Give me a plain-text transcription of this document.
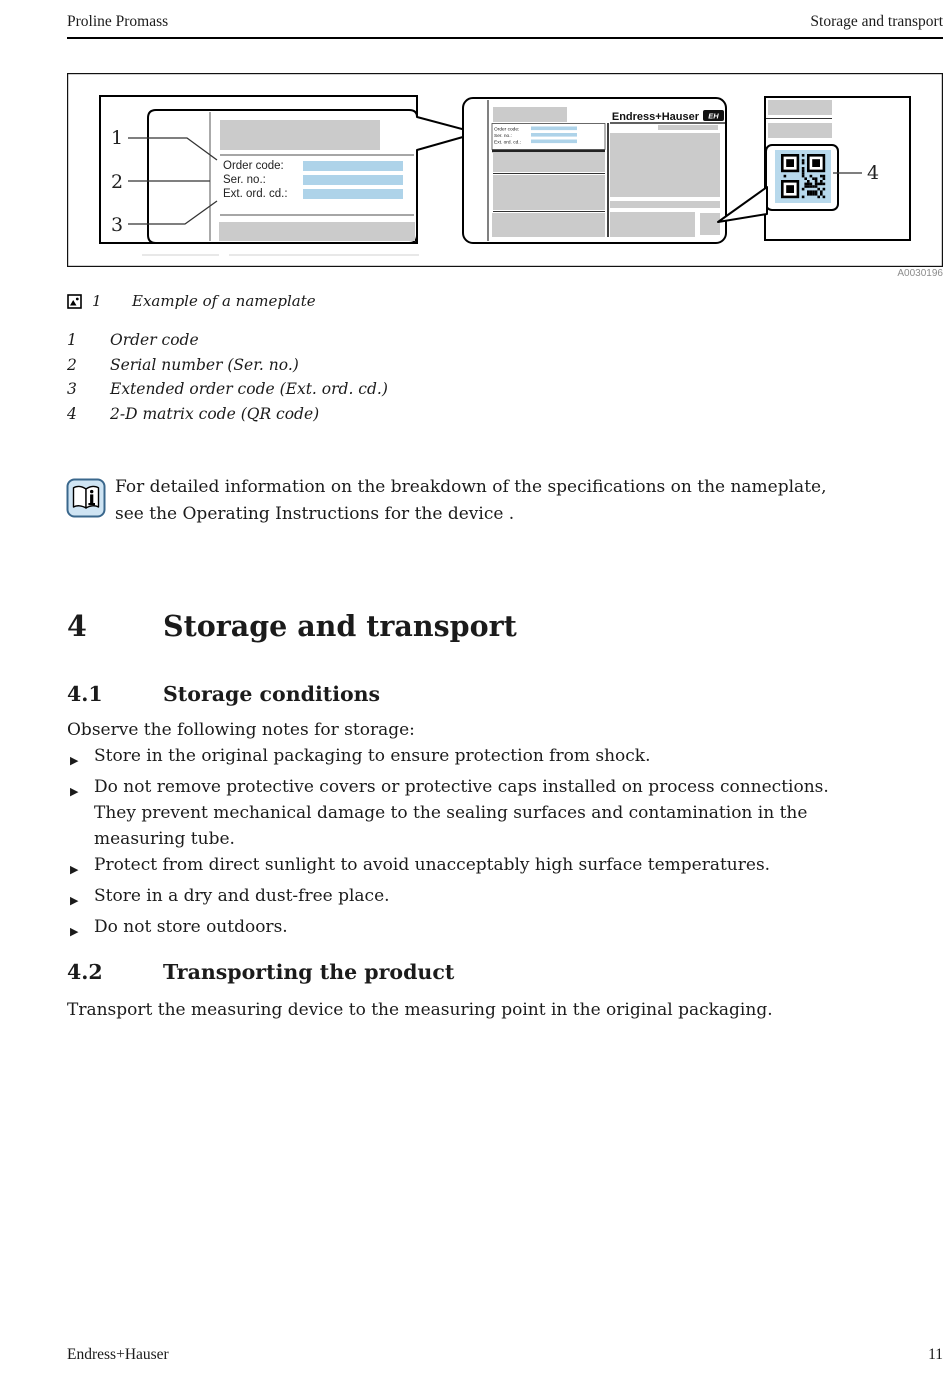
Proline Promass	Storage and transport
Order code:
Ser. no.:
Ext. ord. cd.:
1
2
3
Endress+Hauser EH
Order code:
Ser. no.:
Ext. ord. cd.:
4
A0030196
1	Example of a nameplate
1	Order code
2	Serial number (Ser. no.)
3	Extended order code (Ext. ord. cd.)
4	2-D matrix code (QR code)
For detailed information on the breakdown of the specifications on the nameplate, see the Operating Instructions for the device .
4	Storage and transport
4.1	Storage conditions
Observe the following notes for storage:
▶ Store in the original packaging to ensure protection from shock.
▶ Do not remove protective covers or protective caps installed on process connections. They prevent mechanical damage to the sealing surfaces and contamination in the measuring tube.
▶ Protect from direct sunlight to avoid unacceptably high surface temperatures.
▶ Store in a dry and dust-free place.
▶ Do not store outdoors.
4.2	Transporting the product
Transport the measuring device to the measuring point in the original packaging.
Endress+Hauser	11
